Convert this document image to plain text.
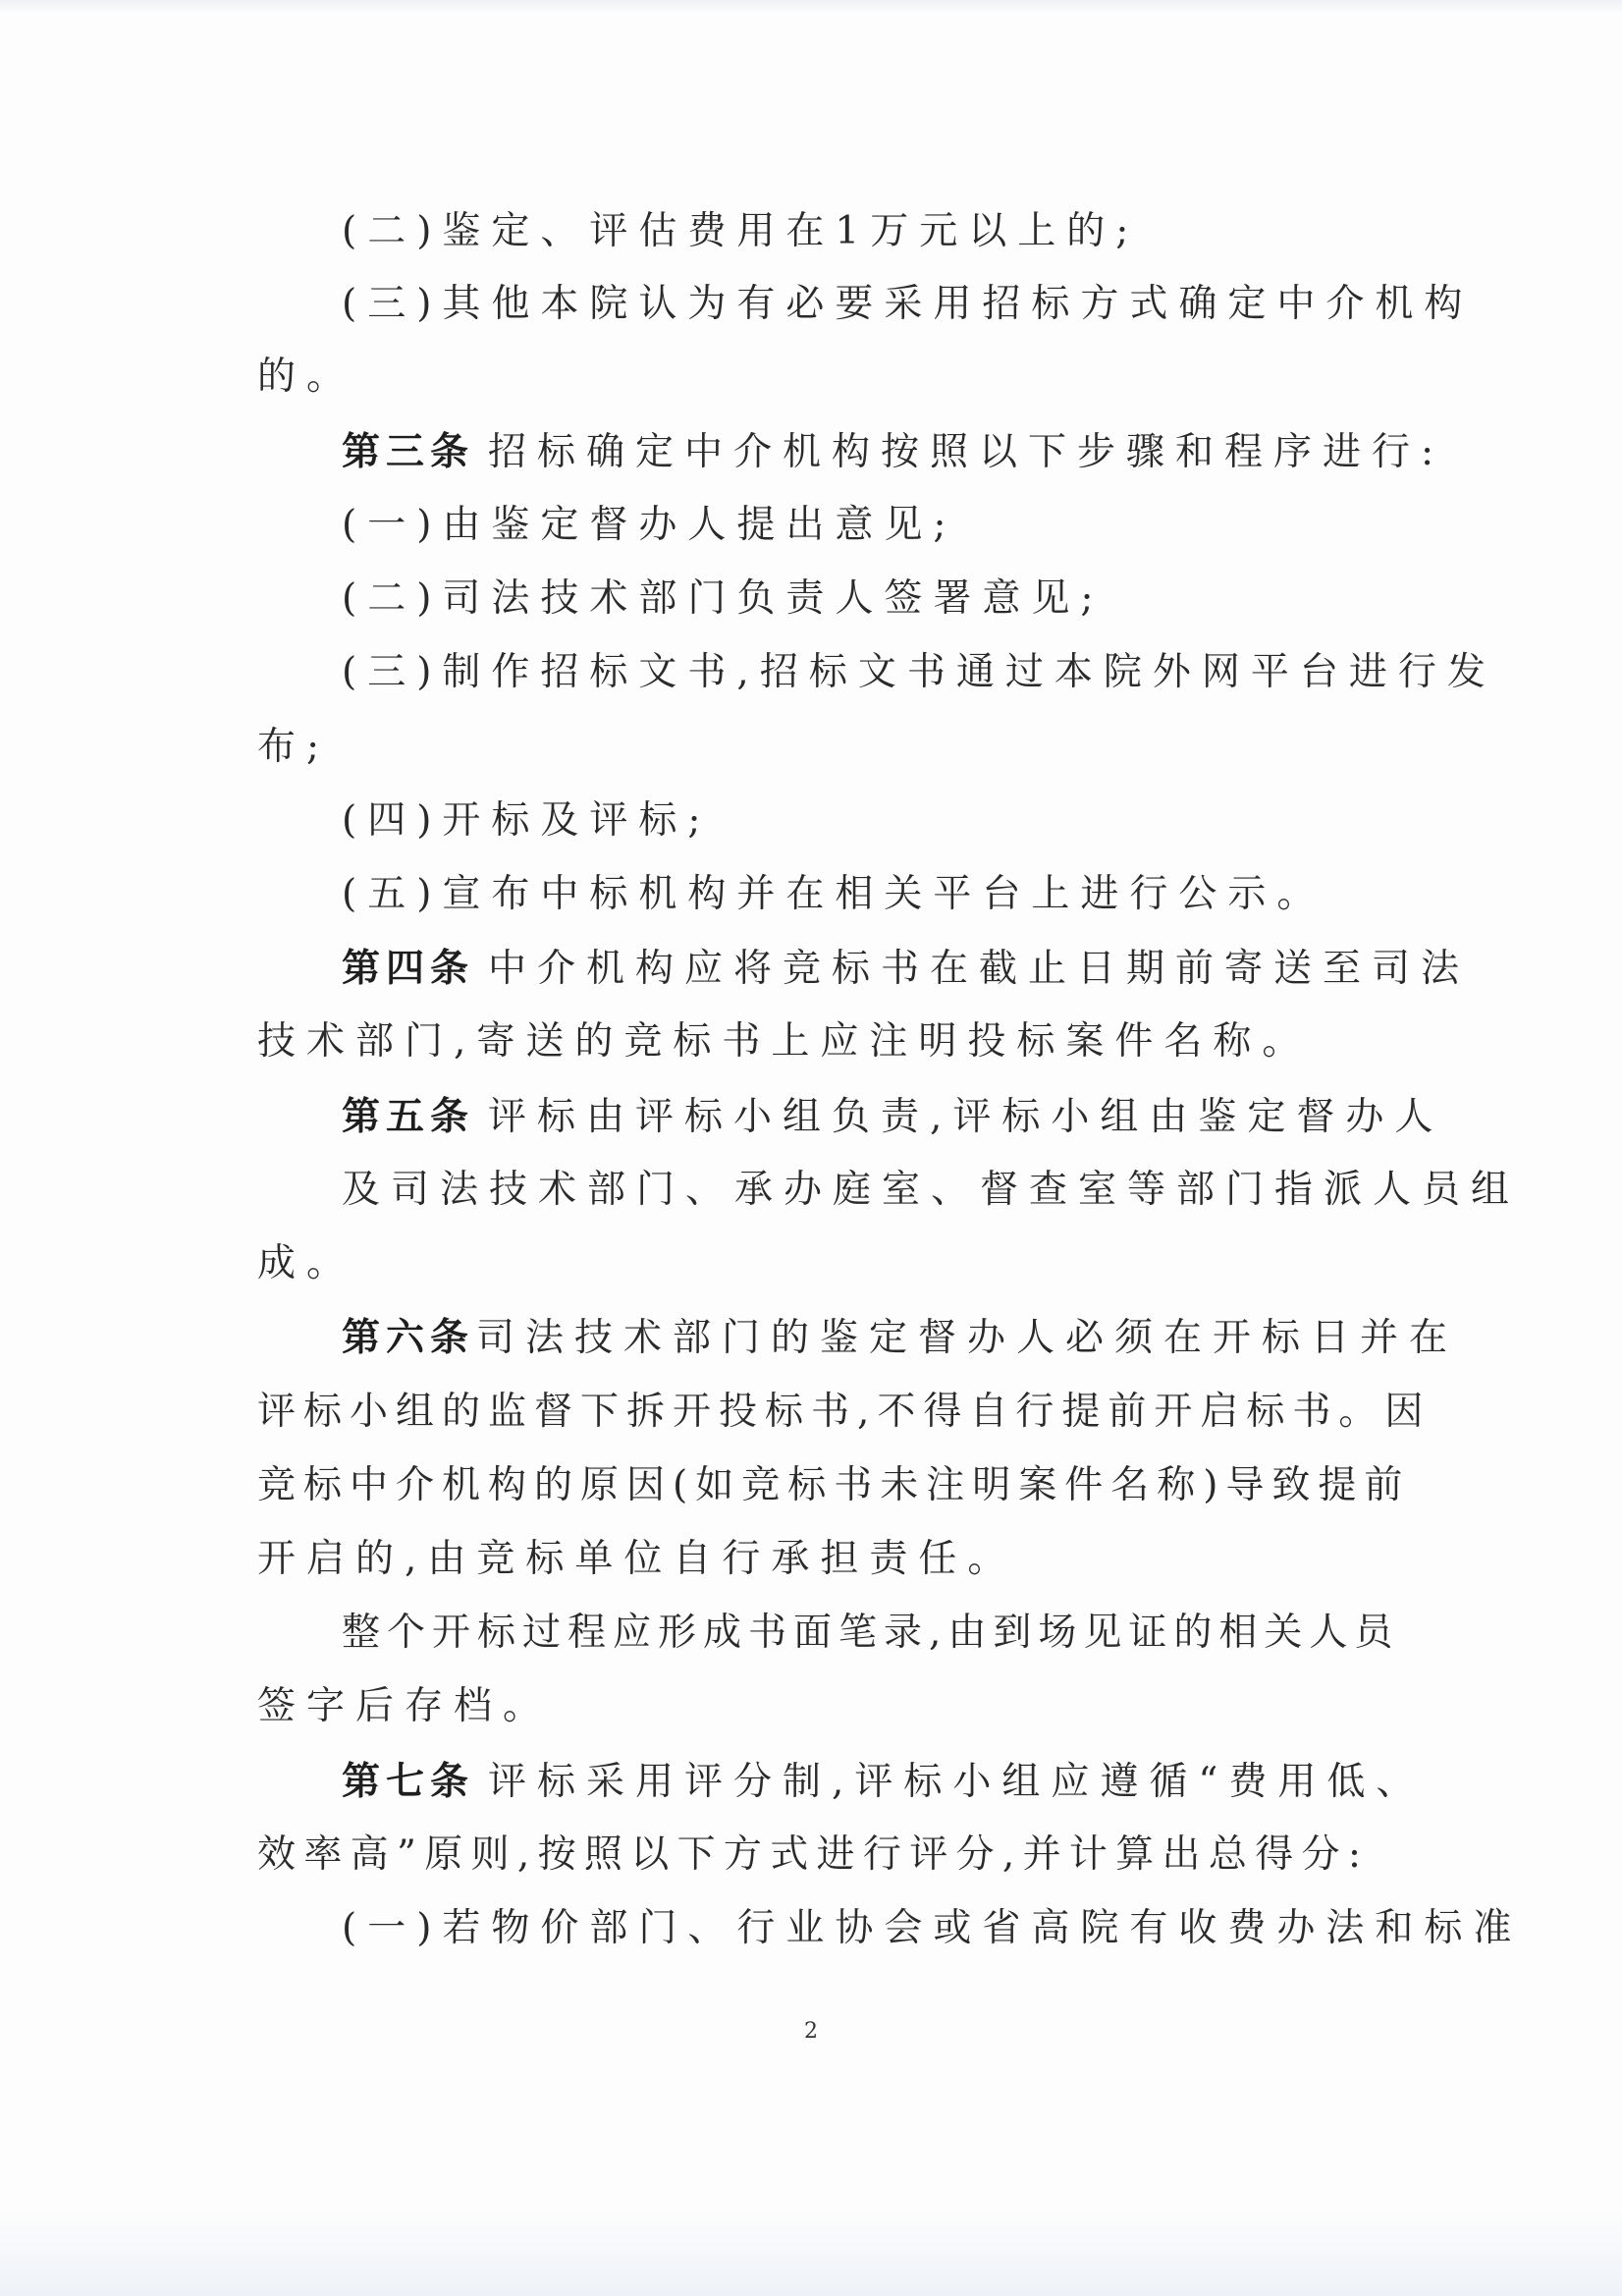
(二)鉴定、评估费用在1万元以上的;
(三)其他本院认为有必要采用招标方式确定中介机构
的。
第三条 招标确定中介机构按照以下步骤和程序进行:
(一)由鉴定督办人提出意见;
(二)司法技术部门负责人签署意见;
(三)制作招标文书,招标文书通过本院外网平台进行发
布;
(四)开标及评标;
(五)宣布中标机构并在相关平台上进行公示。
第四条 中介机构应将竞标书在截止日期前寄送至司法
技术部门,寄送的竞标书上应注明投标案件名称。
第五条 评标由评标小组负责,评标小组由鉴定督办人
及司法技术部门、承办庭室、督查室等部门指派人员组
成。
第六条司法技术部门的鉴定督办人必须在开标日并在
评标小组的监督下拆开投标书,不得自行提前开启标书。因
竞标中介机构的原因(如竞标书未注明案件名称)导致提前
开启的,由竞标单位自行承担责任。
整个开标过程应形成书面笔录,由到场见证的相关人员
签字后存档。
第七条 评标采用评分制,评标小组应遵循“费用低、
效率高”原则,按照以下方式进行评分,并计算出总得分:
(一)若物价部门、行业协会或省高院有收费办法和标准
2
